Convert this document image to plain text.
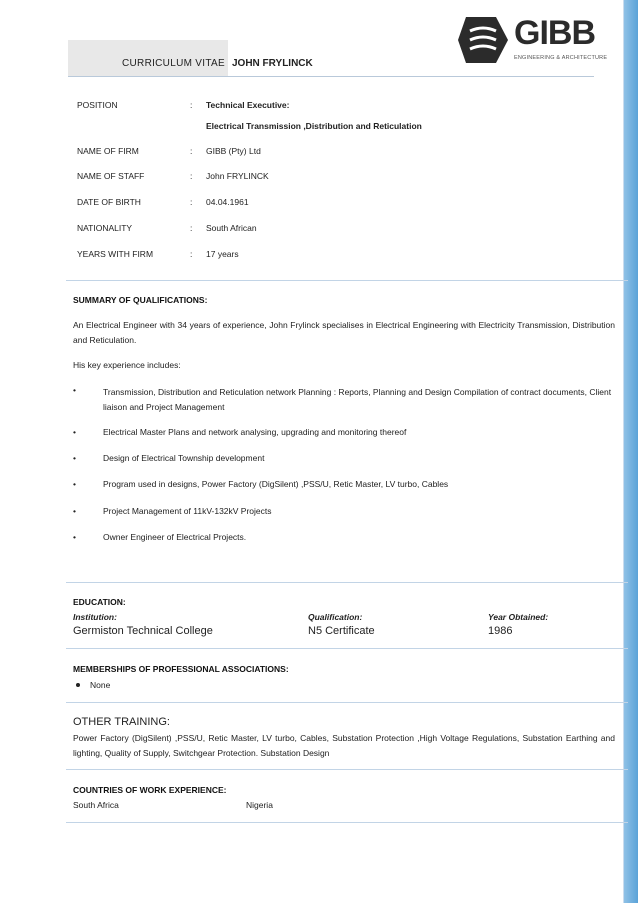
GIBB
ENGINEERING & ARCHITECTURE
CURRICULUM VITAE JOHN FRYLINCK
POSITION	: Technical Executive:
Electrical Transmission ,Distribution and Reticulation
NAME OF FIRM	: GIBB (Pty) Ltd
NAME OF STAFF	: John FRYLINCK
DATE OF BIRTH	: 04.04.1961
NATIONALITY	: South African
YEARS WITH FIRM	: 17 years
SUMMARY OF QUALIFICATIONS:
An Electrical Engineer with 34 years of experience, John Frylinck specialises in Electrical Engineering with Electricity Transmission, Distribution and Reticulation.
His key experience includes:
•	Transmission, Distribution and Reticulation network Planning : Reports, Planning and Design Compilation of contract documents, Client liaison and Project Management
•	Electrical Master Plans and network analysing, upgrading and monitoring thereof
•	Design of Electrical Township development
•	Program used in designs, Power Factory (DigSilent) ,PSS/U, Retic Master, LV turbo, Cables
•	Project Management of 11kV-132kV Projects
•	Owner Engineer of Electrical Projects.
EDUCATION:
Institution:	Qualification:	Year Obtained:
Germiston Technical College	N5 Certificate	1986
MEMBERSHIPS OF PROFESSIONAL ASSOCIATIONS:
None
OTHER TRAINING:
Power Factory (DigSilent) ,PSS/U, Retic Master, LV turbo, Cables, Substation Protection ,High Voltage Regulations, Substation Earthing and lighting, Quality of Supply, Switchgear Protection. Substation Design
COUNTRIES OF WORK EXPERIENCE:
South Africa	Nigeria
